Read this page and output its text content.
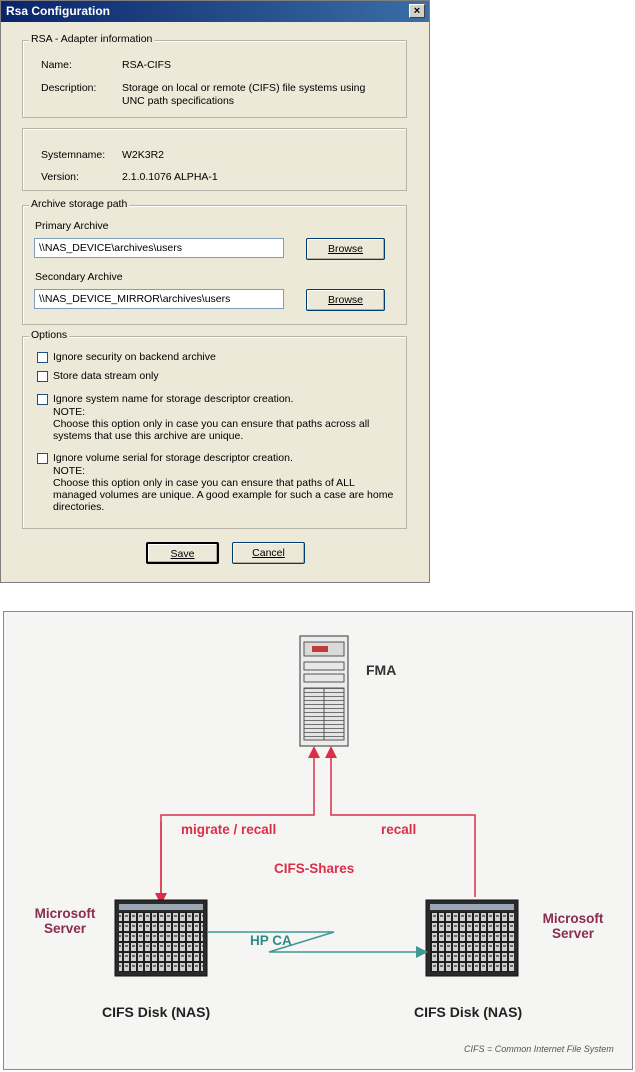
Rsa Configuration	×
RSA - Adapter information
Name:	RSA-CIFS
Description: Storage on local or remote (CIFS) file systems using
UNC path specifications
Systemname: W2K3R2
Version:	2.1.0.1076 ALPHA-1
Archive storage path
Primary Archive
\\NAS_DEVICE\archives\users	Browse
Secondary Archive
\\NAS_DEVICE_MIRROR\archives\users	Browse
Options
Ignore security on backend archive
Store data stream only
Ignore system name for storage descriptor creation.
NOTE:
Choose this option only in case you can ensure that paths across all
systems that use this archive are unique.
Ignore volume serial for storage descriptor creation.
NOTE:
Choose this option only in case you can ensure that paths of ALL
managed volumes are unique. A good example for such a case are home
directories.
Save	Cancel
FMA
migrate / recall	recall
CIFS-Shares
Microsoft
Server
Microsoft
Server
HP CA
CIFS Disk (NAS)	CIFS Disk (NAS)
CIFS = Common Internet File System
